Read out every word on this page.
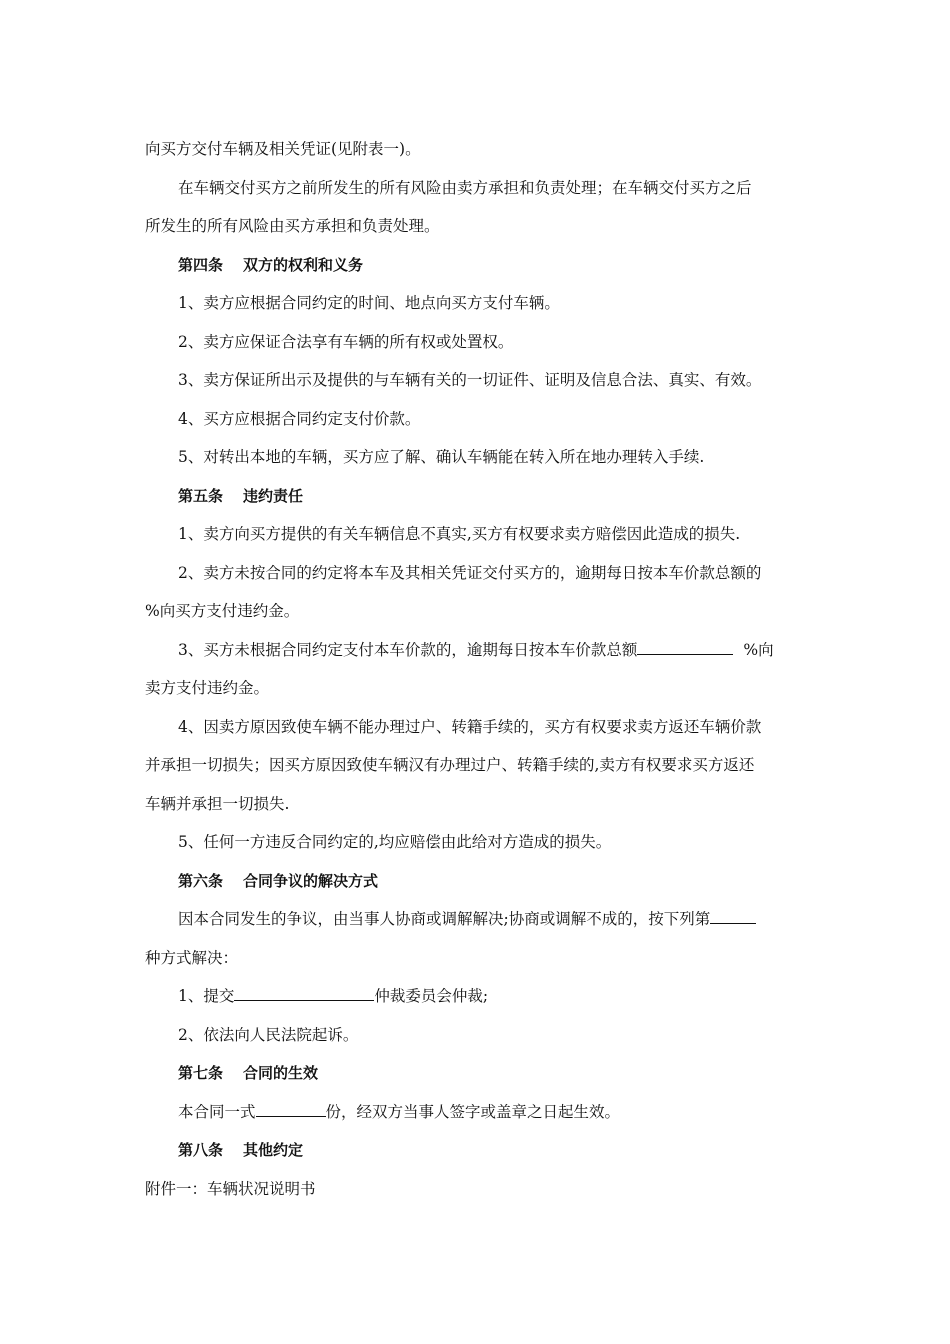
向买方交付车辆及相关凭证(见附表一)。
在车辆交付买方之前所发生的所有风险由卖方承担和负责处理；在车辆交付买方之后
所发生的所有风险由买方承担和负责处理。
第四条 双方的权利和义务
1、卖方应根据合同约定的时间、地点向买方支付车辆。
2、卖方应保证合法享有车辆的所有权或处置权。
3、卖方保证所出示及提供的与车辆有关的一切证件、证明及信息合法、真实、有效。
4、买方应根据合同约定支付价款。
5、对转出本地的车辆，买方应了解、确认车辆能在转入所在地办理转入手续.
第五条 违约责任
1、卖方向买方提供的有关车辆信息不真实,买方有权要求卖方赔偿因此造成的损失.
2、卖方未按合同的约定将本车及其相关凭证交付买方的，逾期每日按本车价款总额的
%向买方支付违约金。
3、买方未根据合同约定支付本车价款的，逾期每日按本车价款总额	%向
卖方支付违约金。
4、因卖方原因致使车辆不能办理过户、转籍手续的，买方有权要求卖方返还车辆价款
并承担一切损失；因买方原因致使车辆汉有办理过户、转籍手续的,卖方有权要求买方返还
车辆并承担一切损失.
5、任何一方违反合同约定的,均应赔偿由此给对方造成的损失。
第六条 合同争议的解决方式
因本合同发生的争议，由当事人协商或调解解决;协商或调解不成的，按下列第
种方式解决：
1、提交	仲裁委员会仲裁;
2、依法向人民法院起诉。
第七条 合同的生效
本合同一式	份，经双方当事人签字或盖章之日起生效。
第八条 其他约定
附件一：车辆状况说明书
